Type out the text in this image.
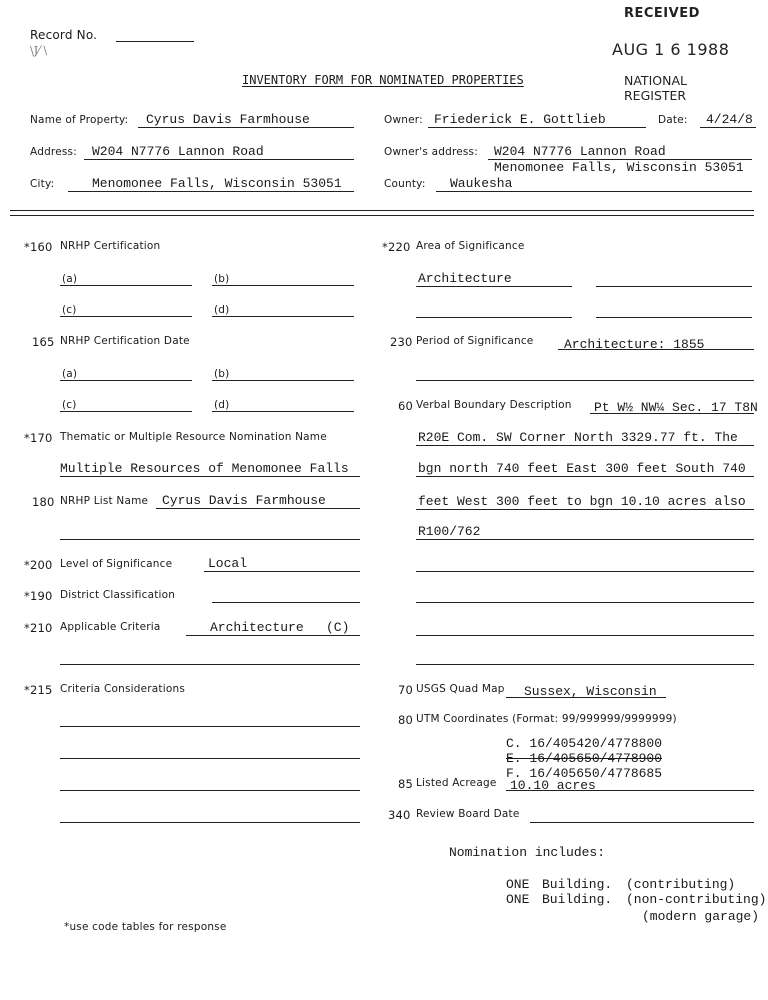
Record No.
\J⁄ \
RECEIVED
AUG 1 6 1988
NATIONAL
REGISTER
INVENTORY FORM FOR NOMINATED PROPERTIES
Name of Property: Cyrus Davis Farmhouse
Address: W204 N7776 Lannon Road
City:	Menomonee Falls, Wisconsin 53051
Owner: Friederick E. Gottlieb	Date: 4/24/8
Owner's address: W204 N7776 Lannon Road
Menomonee Falls, Wisconsin 53051
County: Waukesha
*160 NRHP Certification
(a)	(b)
(c)	(d)
165 NRHP Certification Date
(a)	(b)
(c)	(d)
*170 Thematic or Multiple Resource Nomination Name
Multiple Resources of Menomonee Falls
180 NRHP List Name Cyrus Davis Farmhouse
*200 Level of Significance	Local
*190 District Classification
*210 Applicable Criteria	Architecture (C)
*215 Criteria Considerations
*use code tables for response
*220 Area of Significance
Architecture
230 Period of Significance Architecture: 1855
60 Verbal Boundary Description Pt W½ NW¼ Sec. 17 T8N
R20E Com. SW Corner North 3329.77 ft. The
bgn north 740 feet East 300 feet South 740
feet West 300 feet to bgn 10.10 acres also
R100/762
70 USGS Quad Map Sussex, Wisconsin
80 UTM Coordinates (Format: 99/999999/9999999)
C. 16/405420/4778800
E. 16/405650/4778900
F. 16/405650/4778685
85 Listed Acreage 10.10 acres
340 Review Board Date
Nomination includes:
ONE Building. (contributing)
ONE Building. (non-contributing)
(modern garage)
